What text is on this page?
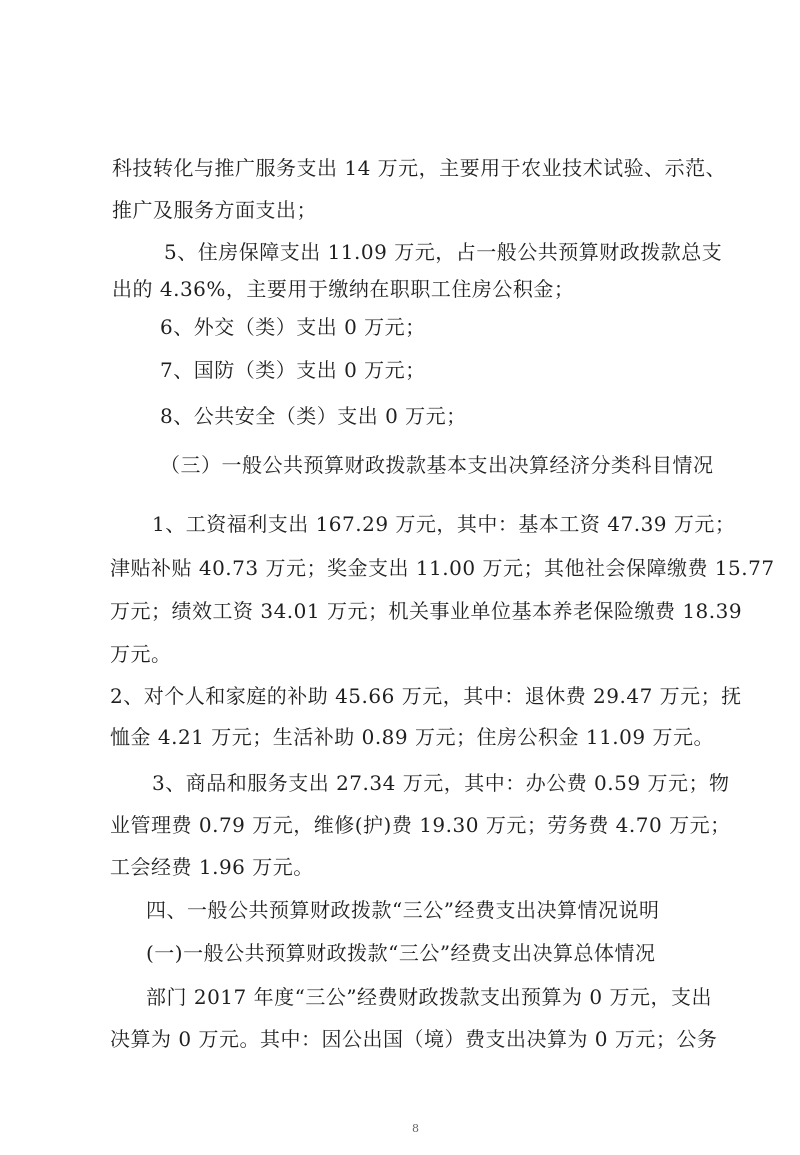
科技转化与推广服务支出 14 万元，主要用于农业技术试验、示范、
推广及服务方面支出；
5、住房保障支出 11.09 万元，占一般公共预算财政拨款总支
出的 4.36%，主要用于缴纳在职职工住房公积金；
6、外交（类）支出 0 万元；
7、国防（类）支出 0 万元；
8、公共安全（类）支出 0 万元；
（三）一般公共预算财政拨款基本支出决算经济分类科目情况
1、工资福利支出 167.29 万元，其中：基本工资 47.39 万元；
津贴补贴 40.73 万元；奖金支出 11.00 万元；其他社会保障缴费 15.77
万元；绩效工资 34.01 万元；机关事业单位基本养老保险缴费 18.39
万元。
2、对个人和家庭的补助 45.66 万元，其中：退休费 29.47 万元；抚
恤金 4.21 万元；生活补助 0.89 万元；住房公积金 11.09 万元。
3、商品和服务支出 27.34 万元，其中：办公费 0.59 万元；物
业管理费 0.79 万元，维修(护)费 19.30 万元；劳务费 4.70 万元；
工会经费 1.96 万元。
四、一般公共预算财政拨款“三公”经费支出决算情况说明
(一)一般公共预算财政拨款“三公”经费支出决算总体情况
部门 2017 年度“三公”经费财政拨款支出预算为 0 万元，支出
决算为 0 万元。其中：因公出国（境）费支出决算为 0 万元；公务
8
